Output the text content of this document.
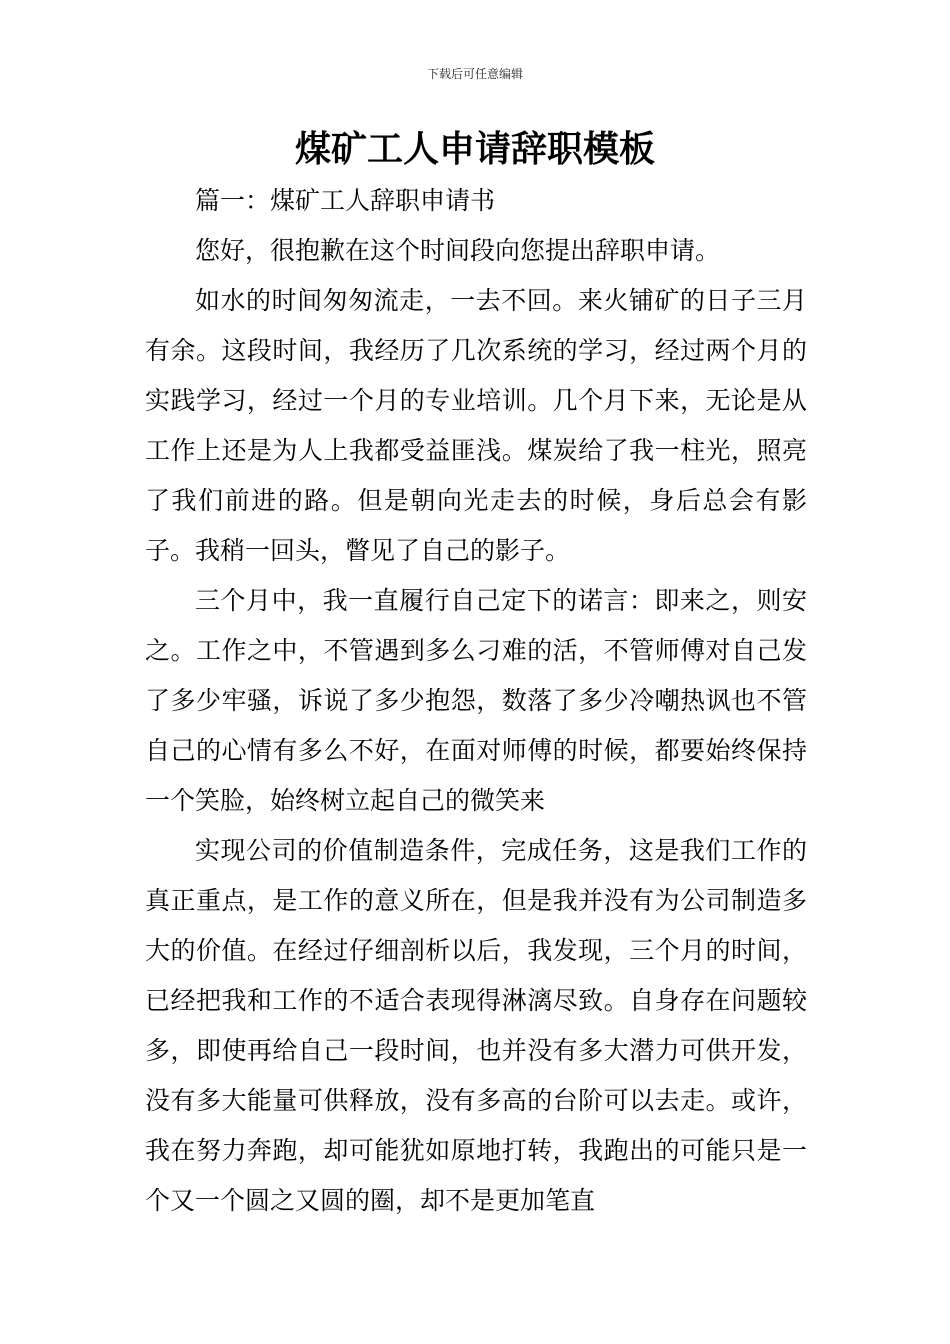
下载后可任意编辑
煤矿工人申请辞职模板

篇一：煤矿工人辞职申请书

您好，很抱歉在这个时间段向您提出辞职申请。

如水的时间匆匆流走，一去不回。来火铺矿的日子三月有余。这段时间，我经历了几次系统的学习，经过两个月的实践学习，经过一个月的专业培训。几个月下来，无论是从工作上还是为人上我都受益匪浅。煤炭给了我一柱光，照亮了我们前进的路。但是朝向光走去的时候，身后总会有影子。我稍一回头，瞥见了自己的影子。

三个月中，我一直履行自己定下的诺言：即来之，则安之。工作之中，不管遇到多么刁难的活，不管师傅对自己发了多少牢骚，诉说了多少抱怨，数落了多少冷嘲热讽也不管自己的心情有多么不好，在面对师傅的时候，都要始终保持一个笑脸，始终树立起自己的微笑来

实现公司的价值制造条件，完成任务，这是我们工作的真正重点，是工作的意义所在，但是我并没有为公司制造多大的价值。在经过仔细剖析以后，我发现，三个月的时间，已经把我和工作的不适合表现得淋漓尽致。自身存在问题较多，即使再给自己一段时间，也并没有多大潜力可供开发，没有多大能量可供释放，没有多高的台阶可以去走。或许，我在努力奔跑，却可能犹如原地打转，我跑出的可能只是一个又一个圆之又圆的圈，却不是更加笔直
